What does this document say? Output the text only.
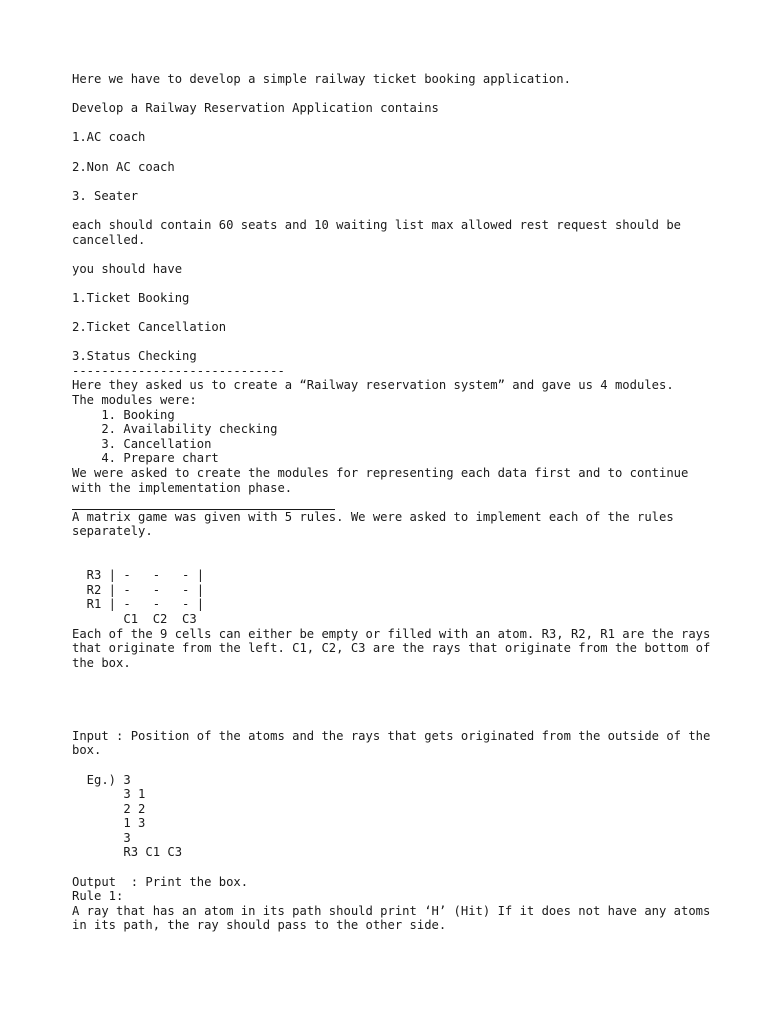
Here we have to develop a simple railway ticket booking application.

Develop a Railway Reservation Application contains

1.AC coach

2.Non AC coach

3. Seater

each should contain 60 seats and 10 waiting list max allowed rest request should be cancelled.

you should have

1.Ticket Booking

2.Ticket Cancellation

3.Status Checking

-----------------------------

Here they asked us to create a “Railway reservation system” and gave us 4 modules.

The modules were:

1. Booking

2. Availability checking

3. Cancellation

4. Prepare chart

We were asked to create the modules for representing each data first and to continue with the implementation phase.

A matrix game was given with 5 rules. We were asked to implement each of the rules separately.

R3 | -   -   - |

R2 | -   -   - |

R1 | -   -   - |

C1  C2  C3

Each of the 9 cells can either be empty or filled with an atom. R3, R2, R1 are the rays that originate from the left. C1, C2, C3 are the rays that originate from the bottom of the box.

Input : Position of the atoms and the rays that gets originated from the outside of the box.

Eg.) 3

3 1

2 2

1 3

3

R3 C1 C3

Output  : Print the box.

Rule 1:

A ray that has an atom in its path should print ‘H’ (Hit) If it does not have any atoms in its path, the ray should pass to the other side.
